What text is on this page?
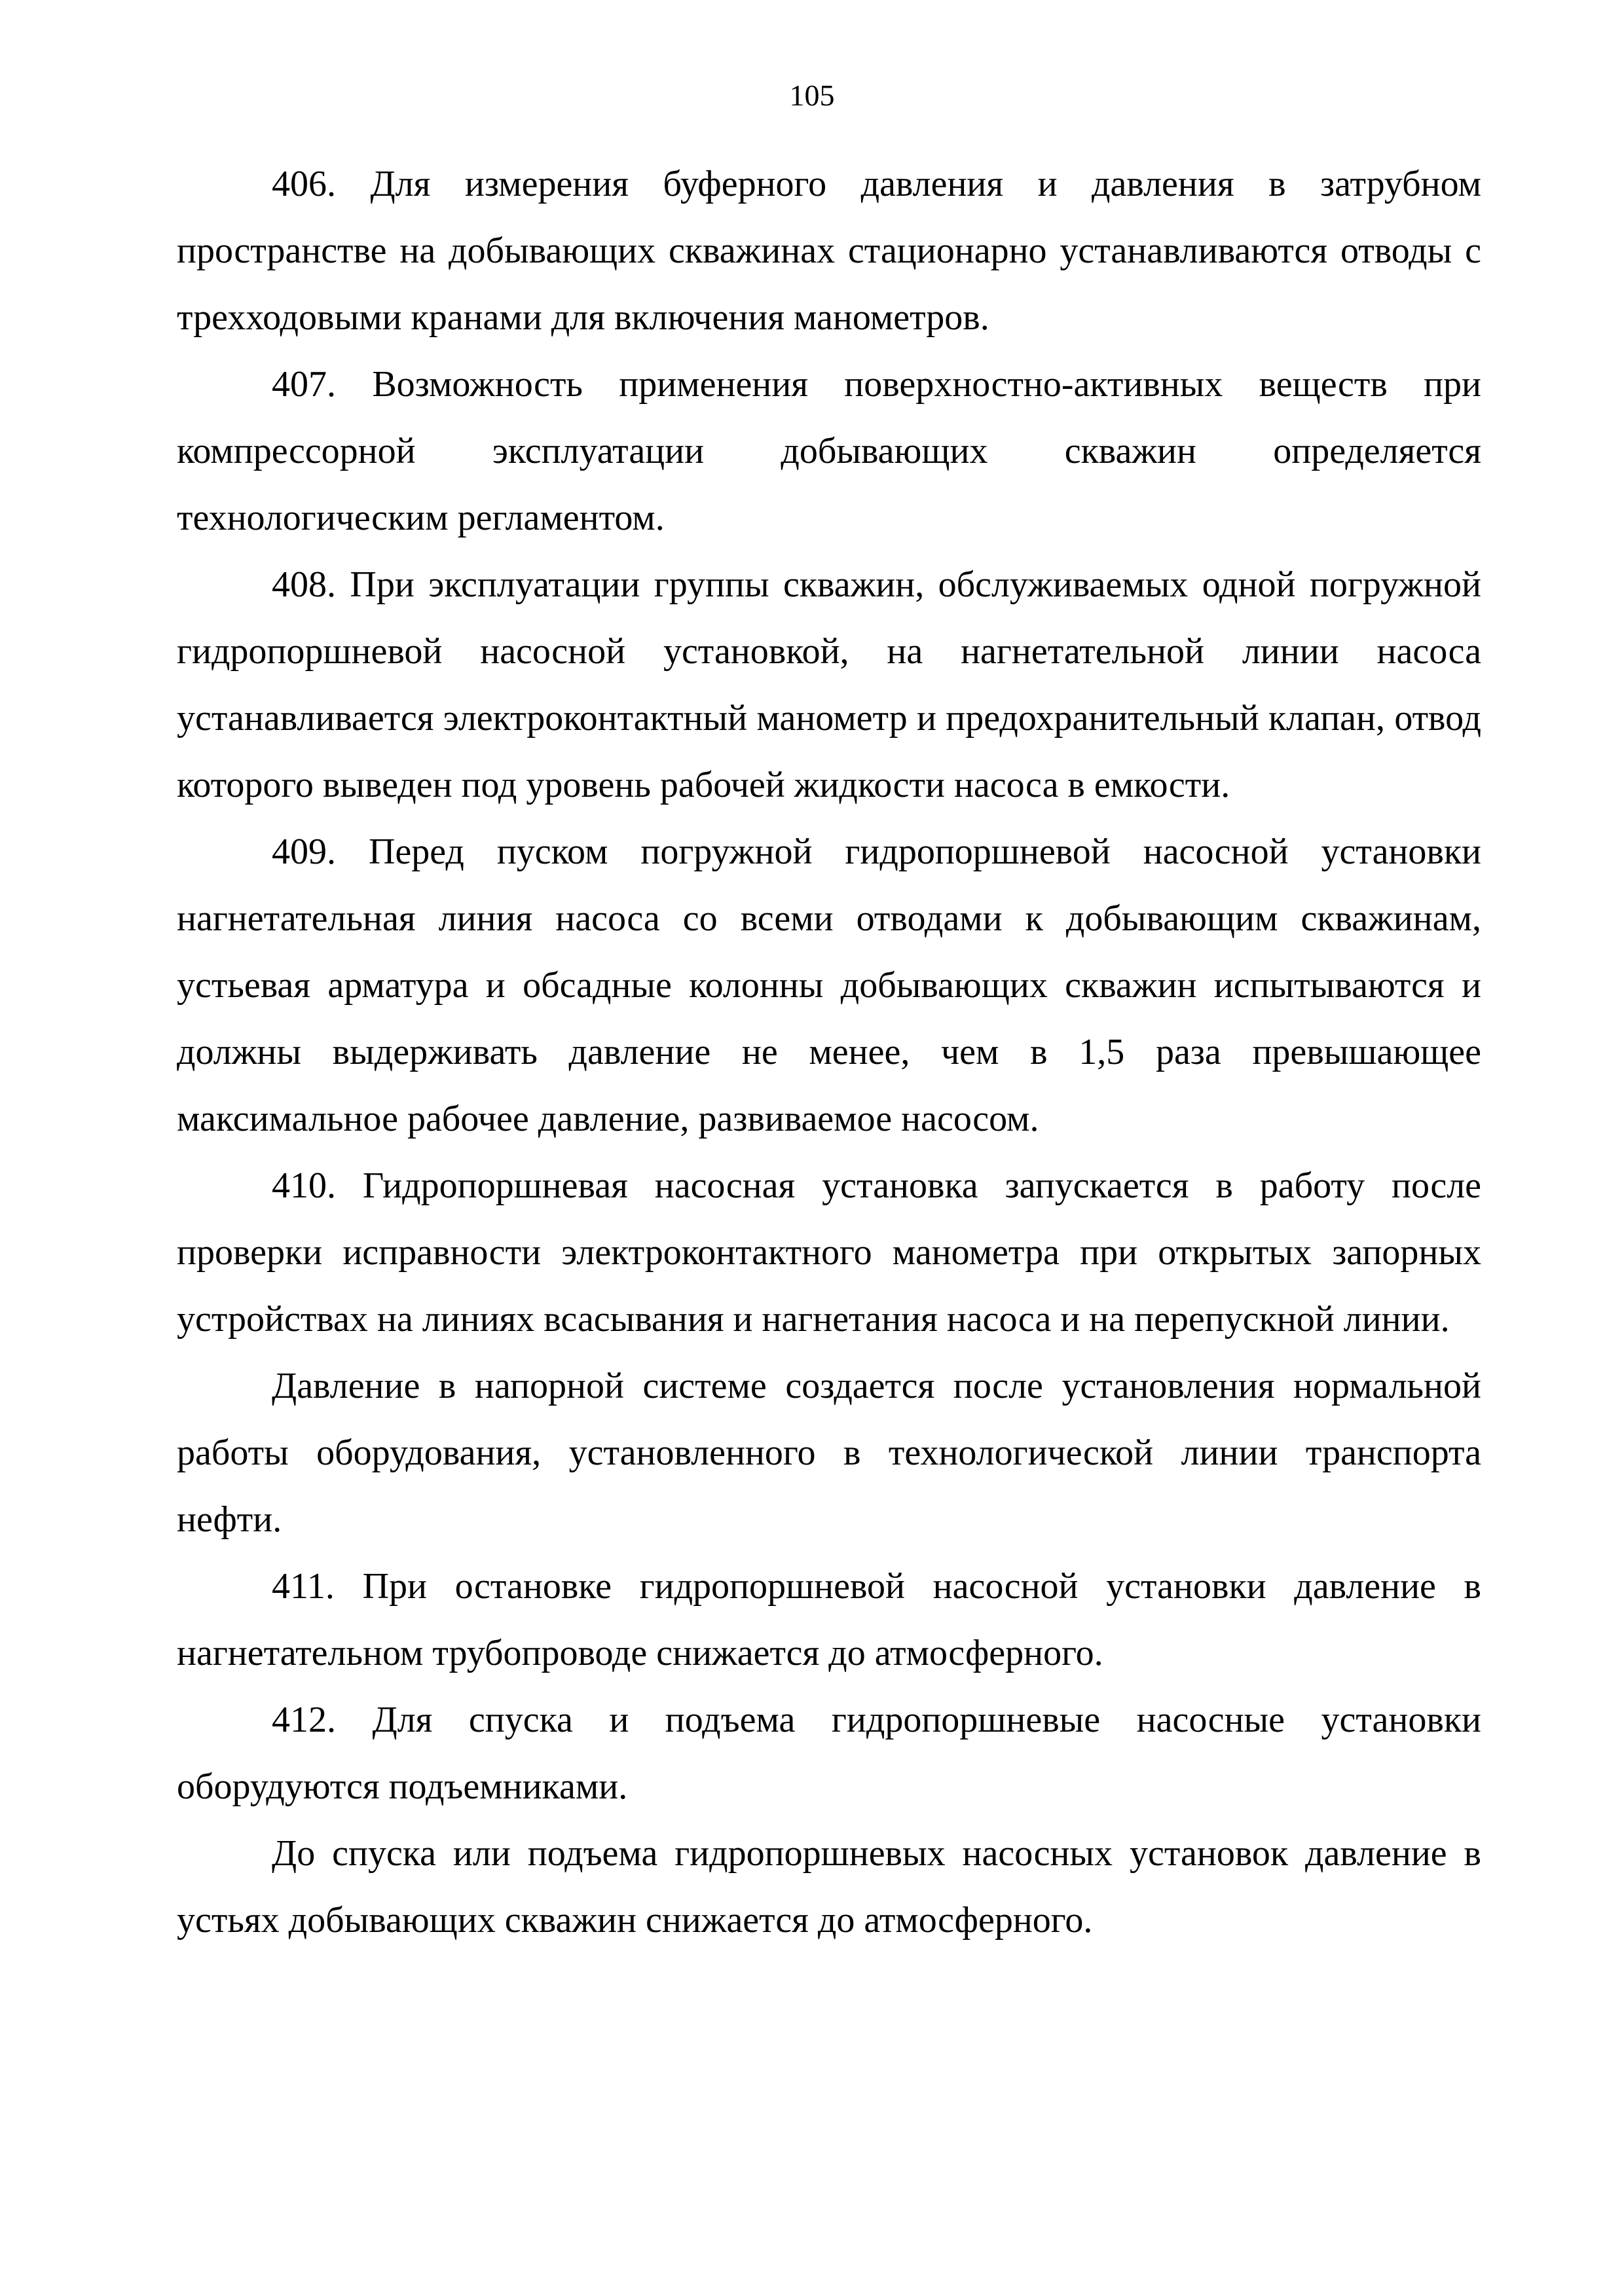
105

406. Для измерения буферного давления и давления в затрубном пространстве на добывающих скважинах стационарно устанавливаются отводы с трехходовыми кранами для включения манометров.

407. Возможность применения поверхностно-активных веществ при компрессорной эксплуатации добывающих скважин определяется технологическим регламентом.

408. При эксплуатации группы скважин, обслуживаемых одной погружной гидропоршневой насосной установкой, на нагнетательной линии насоса устанавливается электроконтактный манометр и предохранительный клапан, отвод которого выведен под уровень рабочей жидкости насоса в емкости.

409. Перед пуском погружной гидропоршневой насосной установки нагнетательная линия насоса со всеми отводами к добывающим скважинам, устьевая арматура и обсадные колонны добывающих скважин испытываются и должны выдерживать давление не менее, чем в 1,5 раза превышающее максимальное рабочее давление, развиваемое насосом.

410. Гидропоршневая насосная установка запускается в работу после проверки исправности электроконтактного манометра при открытых запорных устройствах на линиях всасывания и нагнетания насоса и на перепускной линии.

Давление в напорной системе создается после установления нормальной работы оборудования, установленного в технологической линии транспорта нефти.

411. При остановке гидропоршневой насосной установки давление в нагнетательном трубопроводе снижается до атмосферного.

412. Для спуска и подъема гидропоршневые насосные установки оборудуются подъемниками.

До спуска или подъема гидропоршневых насосных установок давление в устьях добывающих скважин снижается до атмосферного.
